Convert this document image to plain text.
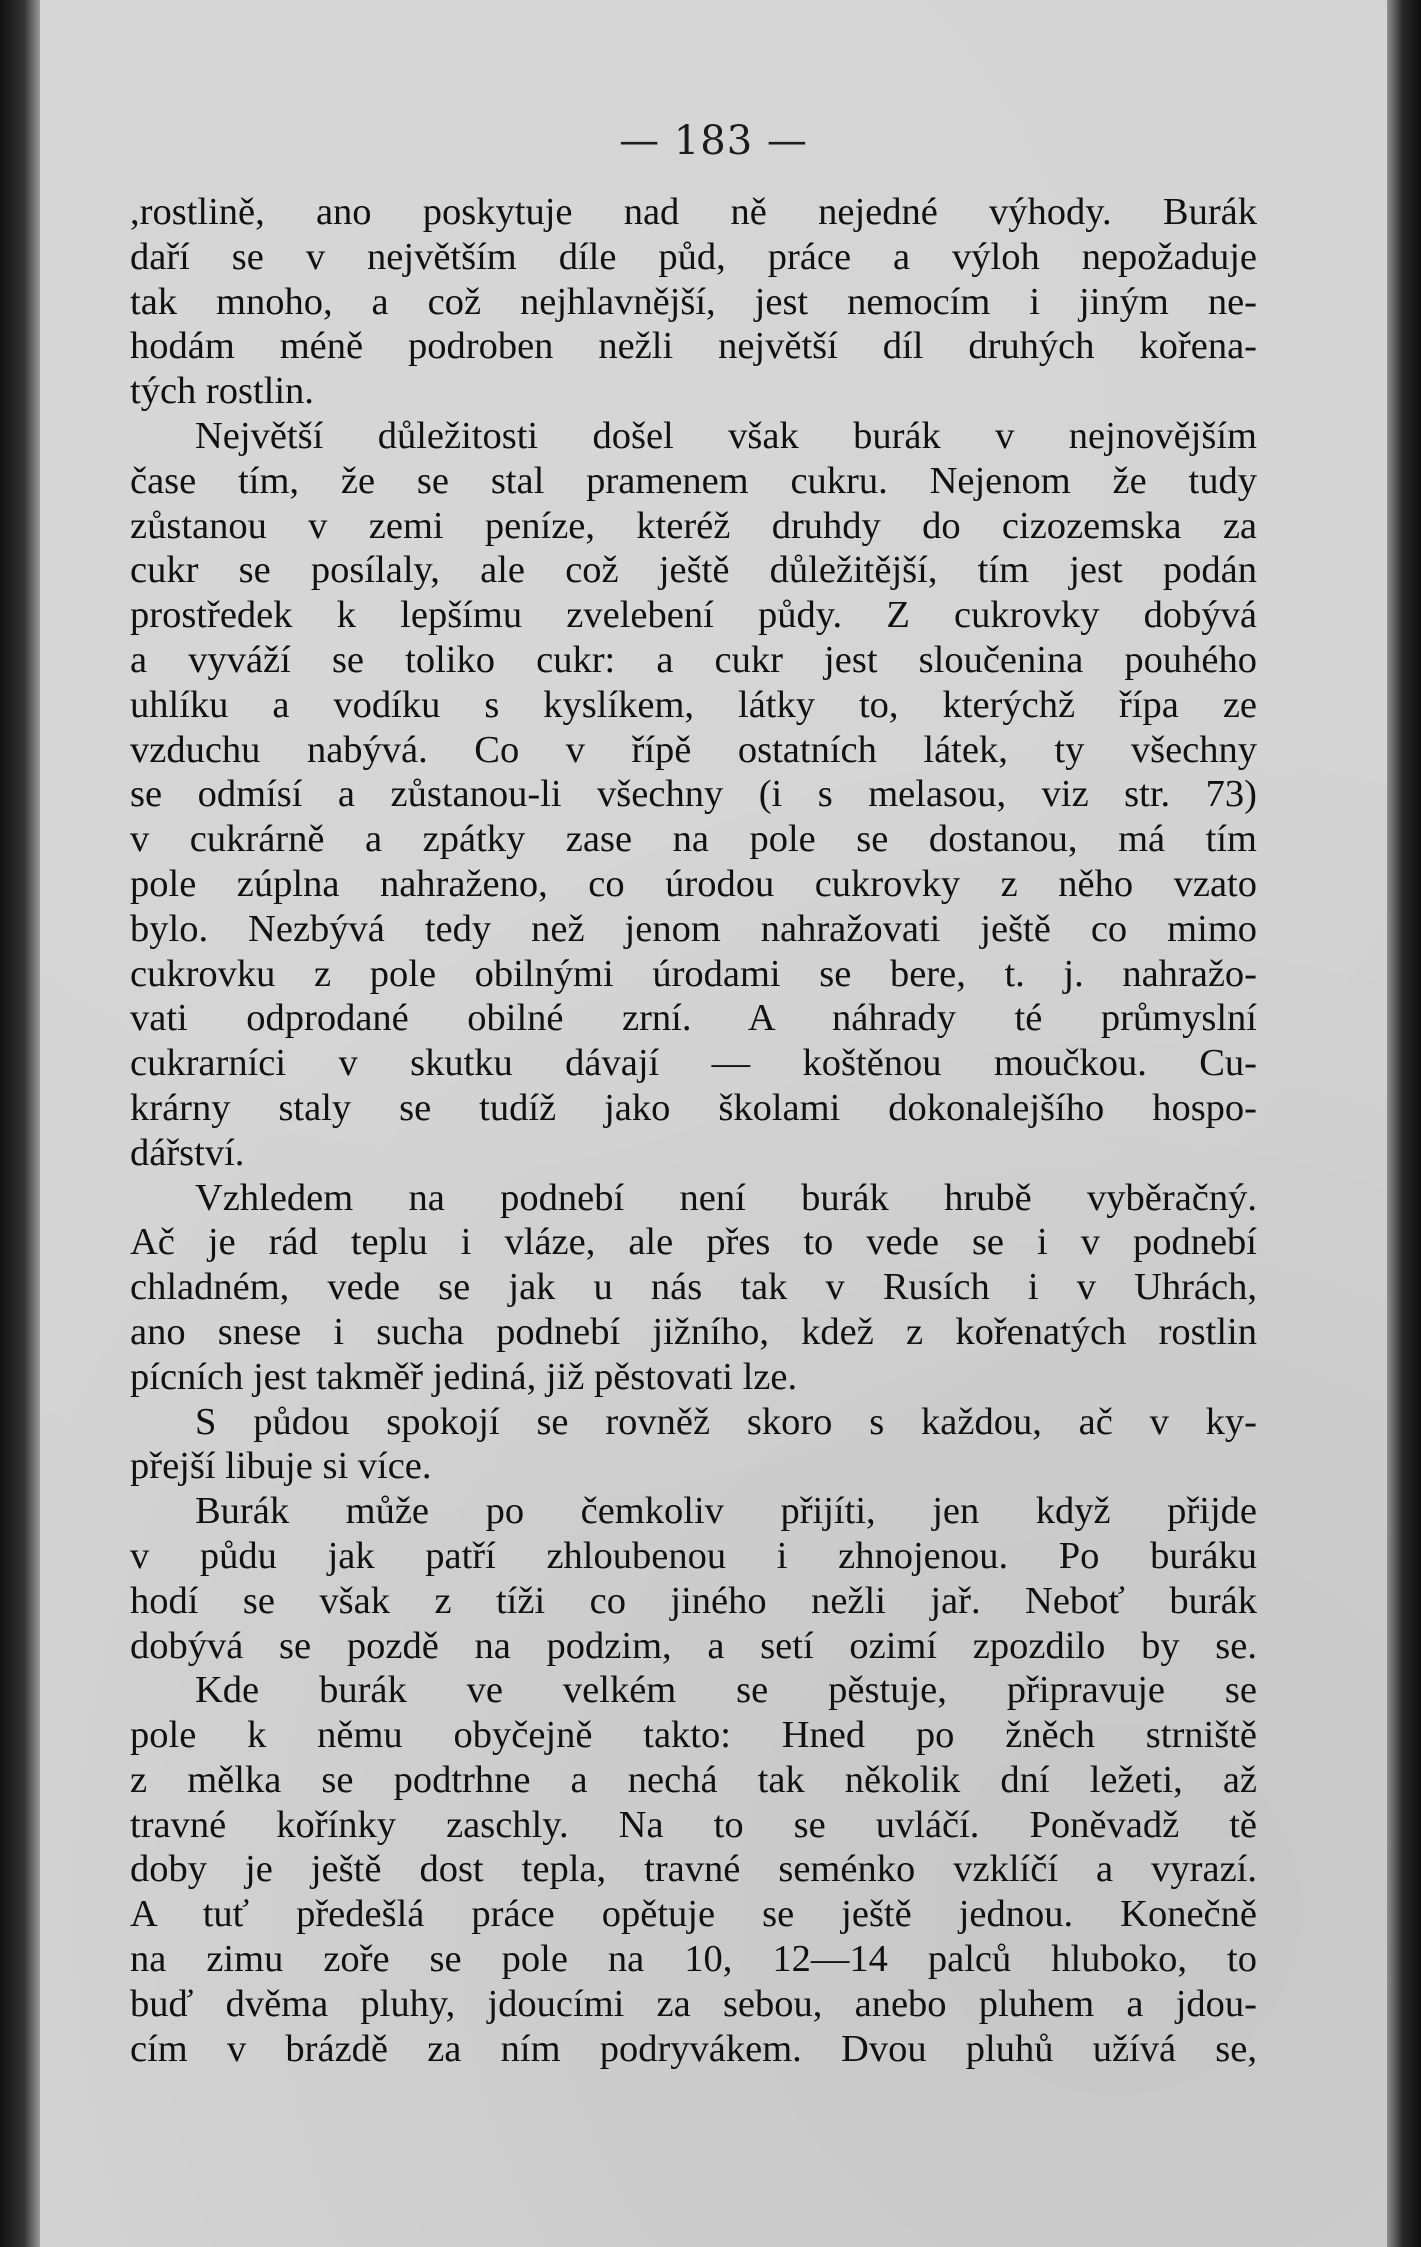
— 183 —
,rostlině, ano poskytuje nad ně nejedné výhody. Burák
daří se v největším díle půd, práce a výloh nepožaduje
tak mnoho, a což nejhlavnější, jest nemocím i jiným ne-
hodám méně podroben nežli největší díl druhých kořena-
tých rostlin.
Největší důležitosti došel však burák v nejnovějším
čase tím, že se stal pramenem cukru. Nejenom že tudy
zůstanou v zemi peníze, kteréž druhdy do cizozemska za
cukr se posílaly, ale což ještě důležitější, tím jest podán
prostředek k lepšímu zvelebení půdy. Z cukrovky dobývá
a vyváží se toliko cukr: a cukr jest sloučenina pouhého
uhlíku a vodíku s kyslíkem, látky to, kterýchž řípa ze
vzduchu nabývá. Co v řípě ostatních látek, ty všechny
se odmísí a zůstanou-li všechny (i s melasou, viz str. 73)
v cukrárně a zpátky zase na pole se dostanou, má tím
pole zúplna nahraženo, co úrodou cukrovky z něho vzato
bylo. Nezbývá tedy než jenom nahražovati ještě co mimo
cukrovku z pole obilnými úrodami se bere, t. j. nahražo-
vati odprodané obilné zrní. A náhrady té průmyslní
cukrarníci v skutku dávají — koštěnou moučkou. Cu-
krárny staly se tudíž jako školami dokonalejšího hospo-
dářství.
Vzhledem na podnebí není burák hrubě vyběračný.
Ač je rád teplu i vláze, ale přes to vede se i v podnebí
chladném, vede se jak u nás tak v Rusích i v Uhrách,
ano snese i sucha podnebí jižního, kdež z kořenatých rostlin
pícních jest takměř jediná, již pěstovati lze.
S půdou spokojí se rovněž skoro s každou, ač v ky-
přejší libuje si více.
Burák může po čemkoliv přijíti, jen když přijde
v půdu jak patří zhloubenou i zhnojenou. Po buráku
hodí se však z tíži co jiného nežli jař. Neboť burák
dobývá se pozdě na podzim, a setí ozimí zpozdilo by se.
Kde burák ve velkém se pěstuje, připravuje se
pole k němu obyčejně takto: Hned po žněch strniště
z mělka se podtrhne a nechá tak několik dní ležeti, až
travné kořínky zaschly. Na to se uvláčí. Poněvadž tě
doby je ještě dost tepla, travné seménko vzklíčí a vyrazí.
A tuť předešlá práce opětuje se ještě jednou. Konečně
na zimu zoře se pole na 10, 12—14 palců hluboko, to
buď dvěma pluhy, jdoucími za sebou, anebo pluhem a jdou-
cím v brázdě za ním podryvákem. Dvou pluhů užívá se,
